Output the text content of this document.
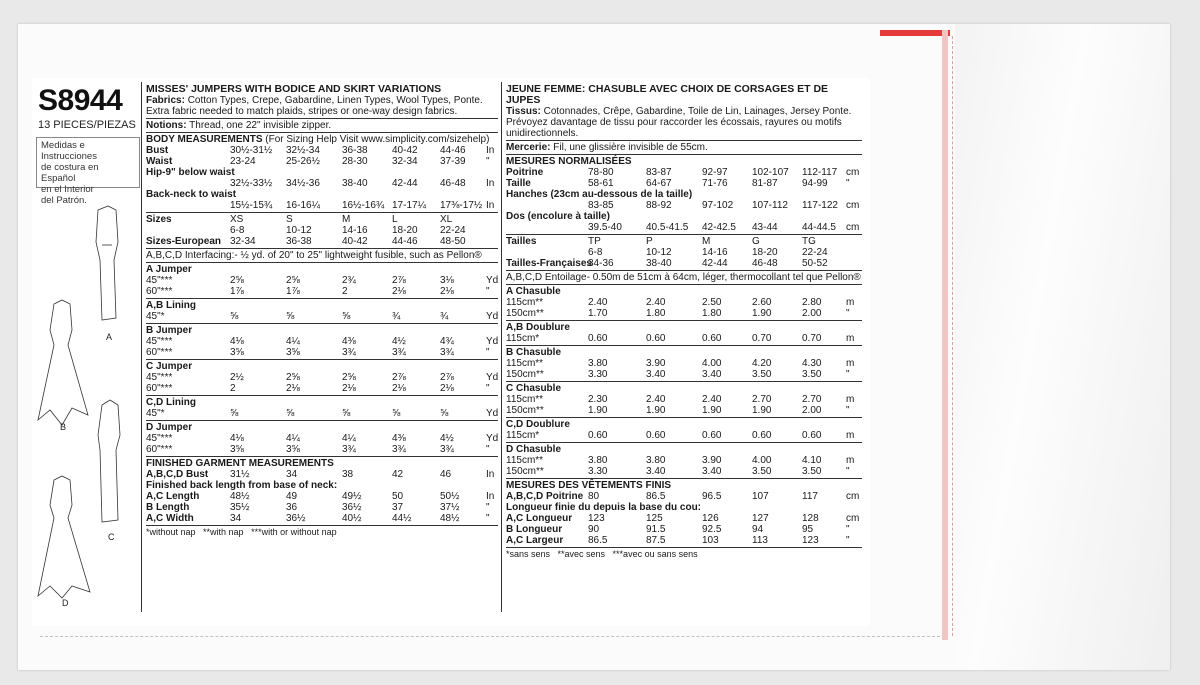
S8944
13 PIECES/PIEZAS
Medidas e Instrucciones
de costura en Español
en el Interior
del Patrón.
A
B
C
D
MISSES' JUMPERS WITH BODICE AND SKIRT VARIATIONS
Fabrics: Cotton Types, Crepe, Gabardine, Linen Types, Wool Types, Ponte. Extra fabric needed to match plaids, stripes or one-way design fabrics.
Notions: Thread, one 22" invisible zipper.
BODY MEASUREMENTS (For Sizing Help Visit www.simplicity.com/sizehelp)
Bust	30½-31½ 32½-34 36-38 40-42 44-46 In
Waist	23-24	25-26½ 28-30 32-34 37-39 "
Hip-9" below waist
32½-33½ 34½-36 38-40 42-44 46-48 In
Back-neck to waist
15½-15¾ 16-16¼ 16½-16¾ 17-17¼ 17⅜-17½ In
Sizes	XS	S	M	L	XL
6-8	10-12	14-16 18-20 22-24
Sizes-European 32-34	36-38	40-42 44-46 48-50
A,B,C,D Interfacing:- ½ yd. of 20" to 25" lightweight fusible, such as Pellon®
A Jumper
45"***	2⅝	2⅝	2¾	2⅞	3⅛	Yd
60"***	1⅞	1⅞	2	2⅛	2⅛	"
A,B Lining
45"*	⅝	⅝	⅝	¾	¾	Yd
B Jumper
45"***	4⅛	4¼	4⅜	4½	4¾	Yd
60"***	3⅝	3⅝	3¾	3¾	3¾	"
C Jumper
45"***	2½	2⅝	2⅝	2⅞	2⅞	Yd
60"***	2	2⅛	2⅛	2⅛	2⅛	"
C,D Lining
45"*	⅝	⅝	⅝	⅝	⅝	Yd
D Jumper
45"***	4⅛	4¼	4¼	4⅜	4½	Yd
60"***	3⅝	3⅝	3¾	3¾	3¾	"
FINISHED GARMENT MEASUREMENTS
A,B,C,D Bust 31½	34	38	42	46	In
Finished back length from base of neck:
A,C Length	48½	49	49½	50	50½	In
B Length	35½	36	36½	37	37½	"
A,C Width	34	36½	40½	44½	48½	"
*without nap   **with nap   ***with or without nap
JEUNE FEMME: CHASUBLE AVEC CHOIX DE CORSAGES ET DE JUPES
Tissus: Cotonnades, Crêpe, Gabardine, Toile de Lin, Lainages, Jersey Ponte. Prévoyez davantage de tissu pour raccorder les écossais, rayures ou motifs unidirectionnels.
Mercerie: Fil, une glissière invisible de 55cm.
MESURES NORMALISÉES
Poitrine	78-80	83-87	92-97 102-107 112-117 cm
Taille	58-61	64-67	71-76 81-87 94-99 "
Hanches (23cm au-dessous de la taille)
83-85	88-92	97-102 107-112 117-122 cm
Dos (encolure à taille)
39.5-40 40.5-41.5 42-42.5 43-44 44-44.5 cm
Tailles	TP	P	M	G	TG
6-8	10-12	14-16 18-20 22-24
Tailles-Françaises
34-36	38-40	42-44 46-48 50-52
A,B,C,D Entoilage- 0.50m de 51cm à 64cm, léger, thermocollant tel que Pellon®
A Chasuble
115cm**	2.40	2.40	2.50	2.60	2.80 m
150cm**	1.70	1.80	1.80	1.90	2.00 "
A,B Doublure
115cm*	0.60	0.60	0.60	0.70	0.70 m
B Chasuble
115cm**	3.80	3.90	4.00	4.20	4.30 m
150cm**	3.30	3.40	3.40	3.50	3.50 "
C Chasuble
115cm**	2.30	2.40	2.40	2.70	2.70 m
150cm**	1.90	1.90	1.90	1.90	2.00 "
C,D Doublure
115cm*	0.60	0.60	0.60	0.60	0.60 m
D Chasuble
115cm**	3.80	3.80	3.90	4.00	4.10 m
150cm**	3.30	3.40	3.40	3.50	3.50 "
MESURES DES VÊTEMENTS FINIS
A,B,C,D Poitrine 80	86.5	96.5	107	117	cm
Longueur finie du depuis la base du cou:
A,C Longueur 123	125	126	127	128	cm
B Longueur	90	91.5	92.5	94	95	"
A,C Largeur 86.5	87.5	103	113	123	"
*sans sens   **avec sens   ***avec ou sans sens
